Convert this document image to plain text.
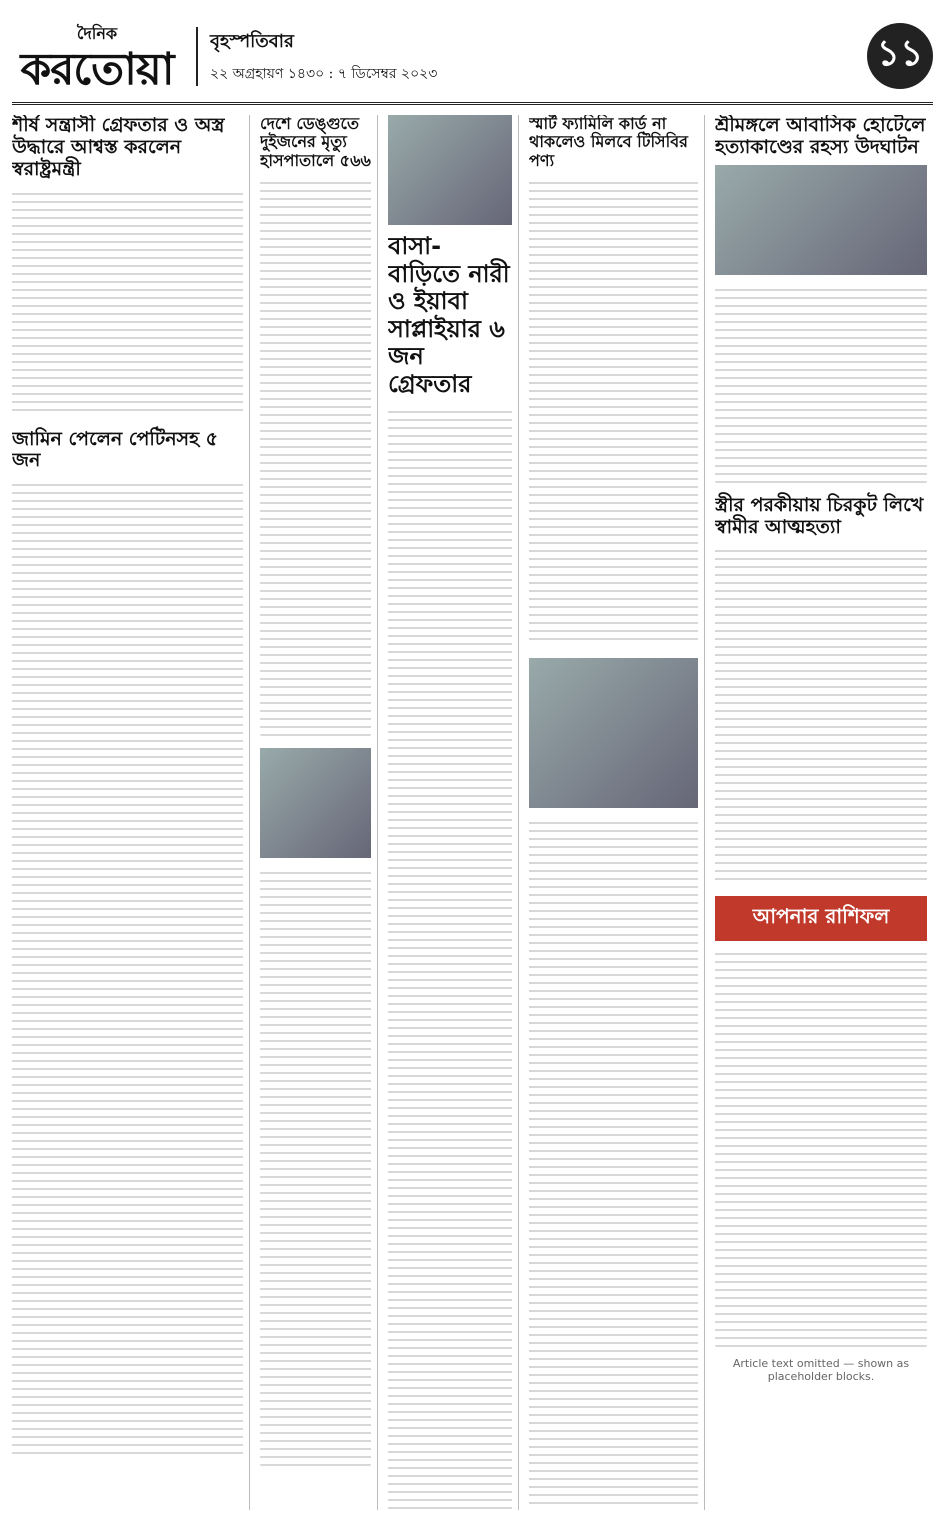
দৈনিক
করতোয়া
বৃহস্পতিবার
২২ অগ্রহায়ণ ১৪৩০ : ৭ ডিসেম্বর ২০২৩	১১
শীর্ষ সন্ত্রাসী গ্রেফতার ও অস্ত্র উদ্ধারে আশ্বস্ত করলেন স্বরাষ্ট্রমন্ত্রী
জামিন পেলেন পেটিনসহ ৫ জন
দেশে ডেঙ্গুতে দুইজনের মৃত্যু হাসপাতালে ৫৬৬
বাসা-বাড়িতে নারী ও ইয়াবা সাপ্লাইয়ার ৬ জন গ্রেফতার
স্মার্ট ফ্যামিলি কার্ড না থাকলেও মিলবে টিসিবির পণ্য
শ্রীমঙ্গলে আবাসিক হোটেলে হত্যাকাণ্ডের রহস্য উদঘাটন
স্ত্রীর পরকীয়ায় চিরকুট লিখে স্বামীর আত্মহত্যা
আপনার রাশিফল
Article text omitted — shown as placeholder blocks.
